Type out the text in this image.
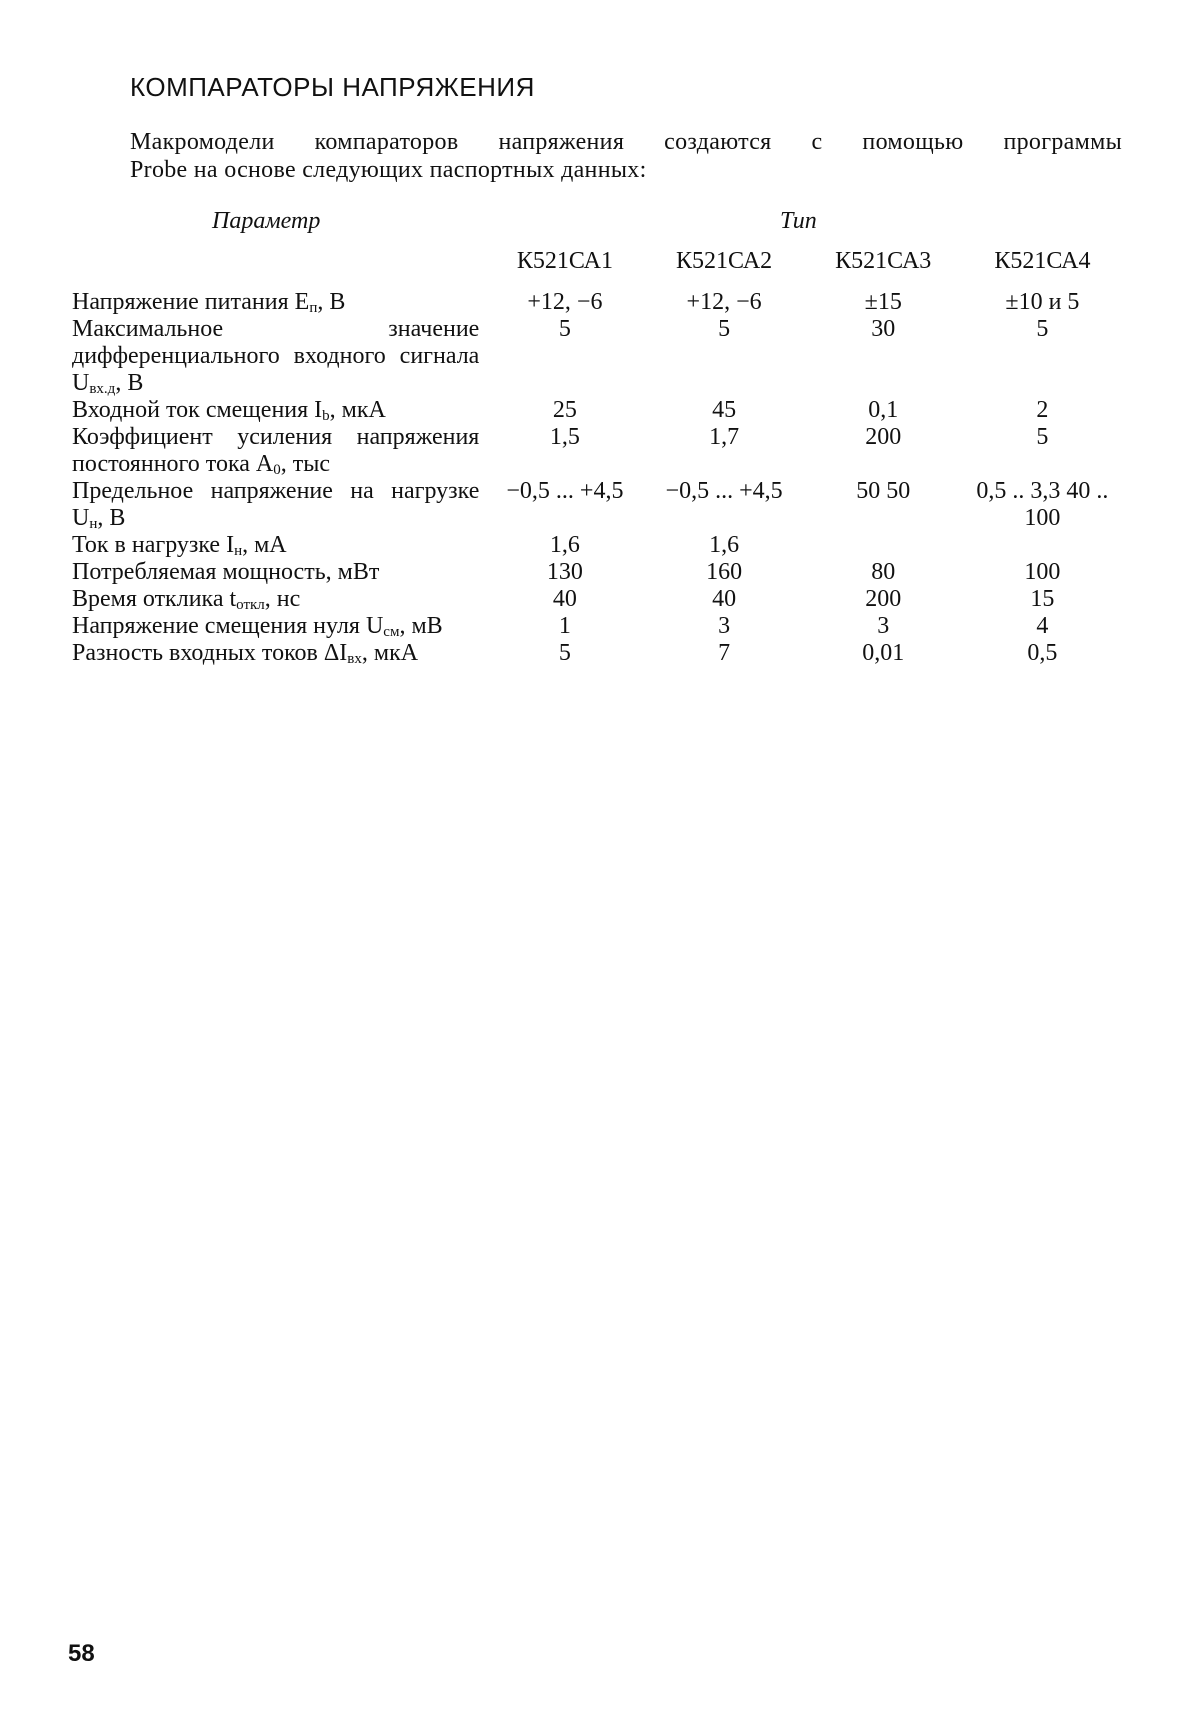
КОМПАРАТОРЫ НАПРЯЖЕНИЯ
Макромодели компараторов напряжения создаются с помощью программы
Probe на основе следующих паспортных данных:
Параметр	Тип
	К521СА1	К521СА2	К521СА3	К521СА4
Напряжение питания $E_п$, В	+12, −6	+12, −6	±15	±10 и 5
Максимальное значение дифференциального входного сигнала $U_{вх.д}$, В	5	5	30	5
Входной ток смещения $I_b$, мкА	25	45	0,1	2
Коэффициент усиления напряжения постоянного тока $A_0$, тыс	1,5	1,7	200	5
Предельное напряжение на нагрузке $U_н$, В	−0,5 ... +4,5	−0,5 ... +4,5	50 50	0,5 .. 3,3 40 .. 100
Ток в нагрузке $I_н$, мА	1,6	1,6		
Потребляемая мощность, мВт	130	160	80	100
Время отклика $t_{откл}$, нс	40	40	200	15
Напряжение смещения нуля $U_{см}$, мВ	1	3	3	4
Разность входных токов $\Delta I_{вх}$, мкА	5	7	0,01	0,5
58
